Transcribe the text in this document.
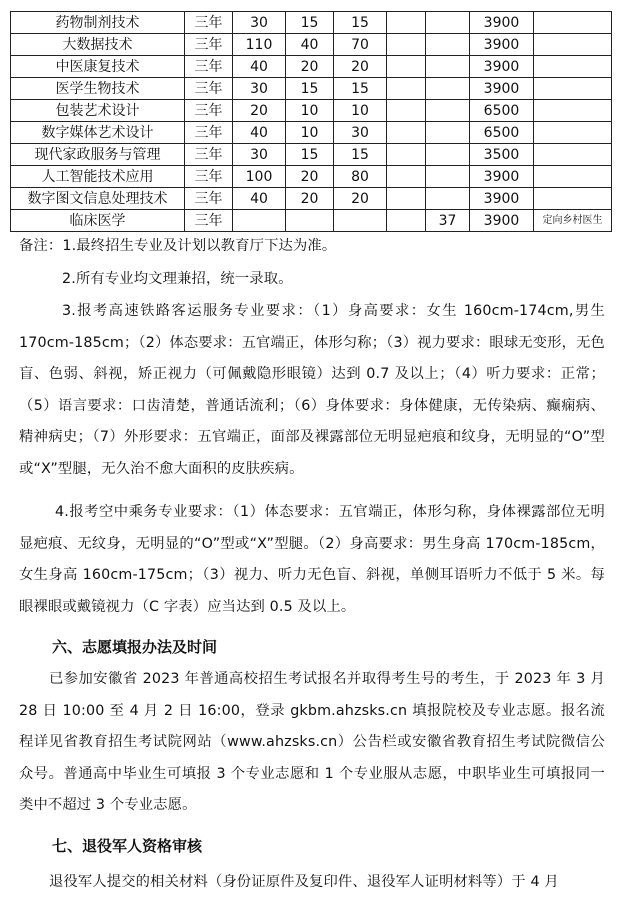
药物制剂技术	三年	30	15	15			3900	
大数据技术	三年	110	40	70			3900	
中医康复技术	三年	40	20	20			3900	
医学生物技术	三年	30	15	15			3900	
包装艺术设计	三年	20	10	10			6500	
数字媒体艺术设计	三年	40	10	30			6500	
现代家政服务与管理	三年	30	15	15			3500	
人工智能技术应用	三年	100	20	80			3900	
数字图文信息处理技术	三年	40	20	20			3900	
临床医学	三年					37	3900	定向乡村医生

备注：1.最终招生专业及计划以教育厅下达为准。

2.所有专业均文理兼招，统一录取。

3.报考高速铁路客运服务专业要求：（1）身高要求：女生 160cm-174cm,男生 170cm-185cm；（2）体态要求：五官端正，体形匀称；（3）视力要求：眼球无变形，无色盲、色弱、斜视，矫正视力（可佩戴隐形眼镜）达到 0.7 及以上；（4）听力要求：正常；（5）语言要求：口齿清楚，普通话流利；（6）身体要求：身体健康，无传染病、癫痫病、精神病史；（7）外形要求：五官端正，面部及裸露部位无明显疤痕和纹身，无明显的“O”型或“X”型腿，无久治不愈大面积的皮肤疾病。

4.报考空中乘务专业要求：（1）体态要求：五官端正，体形匀称，身体裸露部位无明显疤痕、无纹身，无明显的“O”型或“X”型腿。（2）身高要求：男生身高 170cm-185cm，女生身高 160cm-175cm；（3）视力、听力无色盲、斜视，单侧耳语听力不低于 5 米。每眼裸眼或戴镜视力（C 字表）应当达到 0.5 及以上。

六、志愿填报办法及时间

已参加安徽省 2023 年普通高校招生考试报名并取得考生号的考生，于 2023 年 3 月 28 日 10:00 至 4 月 2 日 16:00，登录 gkbm.ahzsks.cn 填报院校及专业志愿。报名流程详见省教育招生考试院网站（www.ahzsks.cn）公告栏或安徽省教育招生考试院微信公众号。普通高中毕业生可填报 3 个专业志愿和 1 个专业服从志愿，中职毕业生可填报同一类中不超过 3 个专业志愿。

七、退役军人资格审核

退役军人提交的相关材料（身份证原件及复印件、退役军人证明材料等）于 4 月
